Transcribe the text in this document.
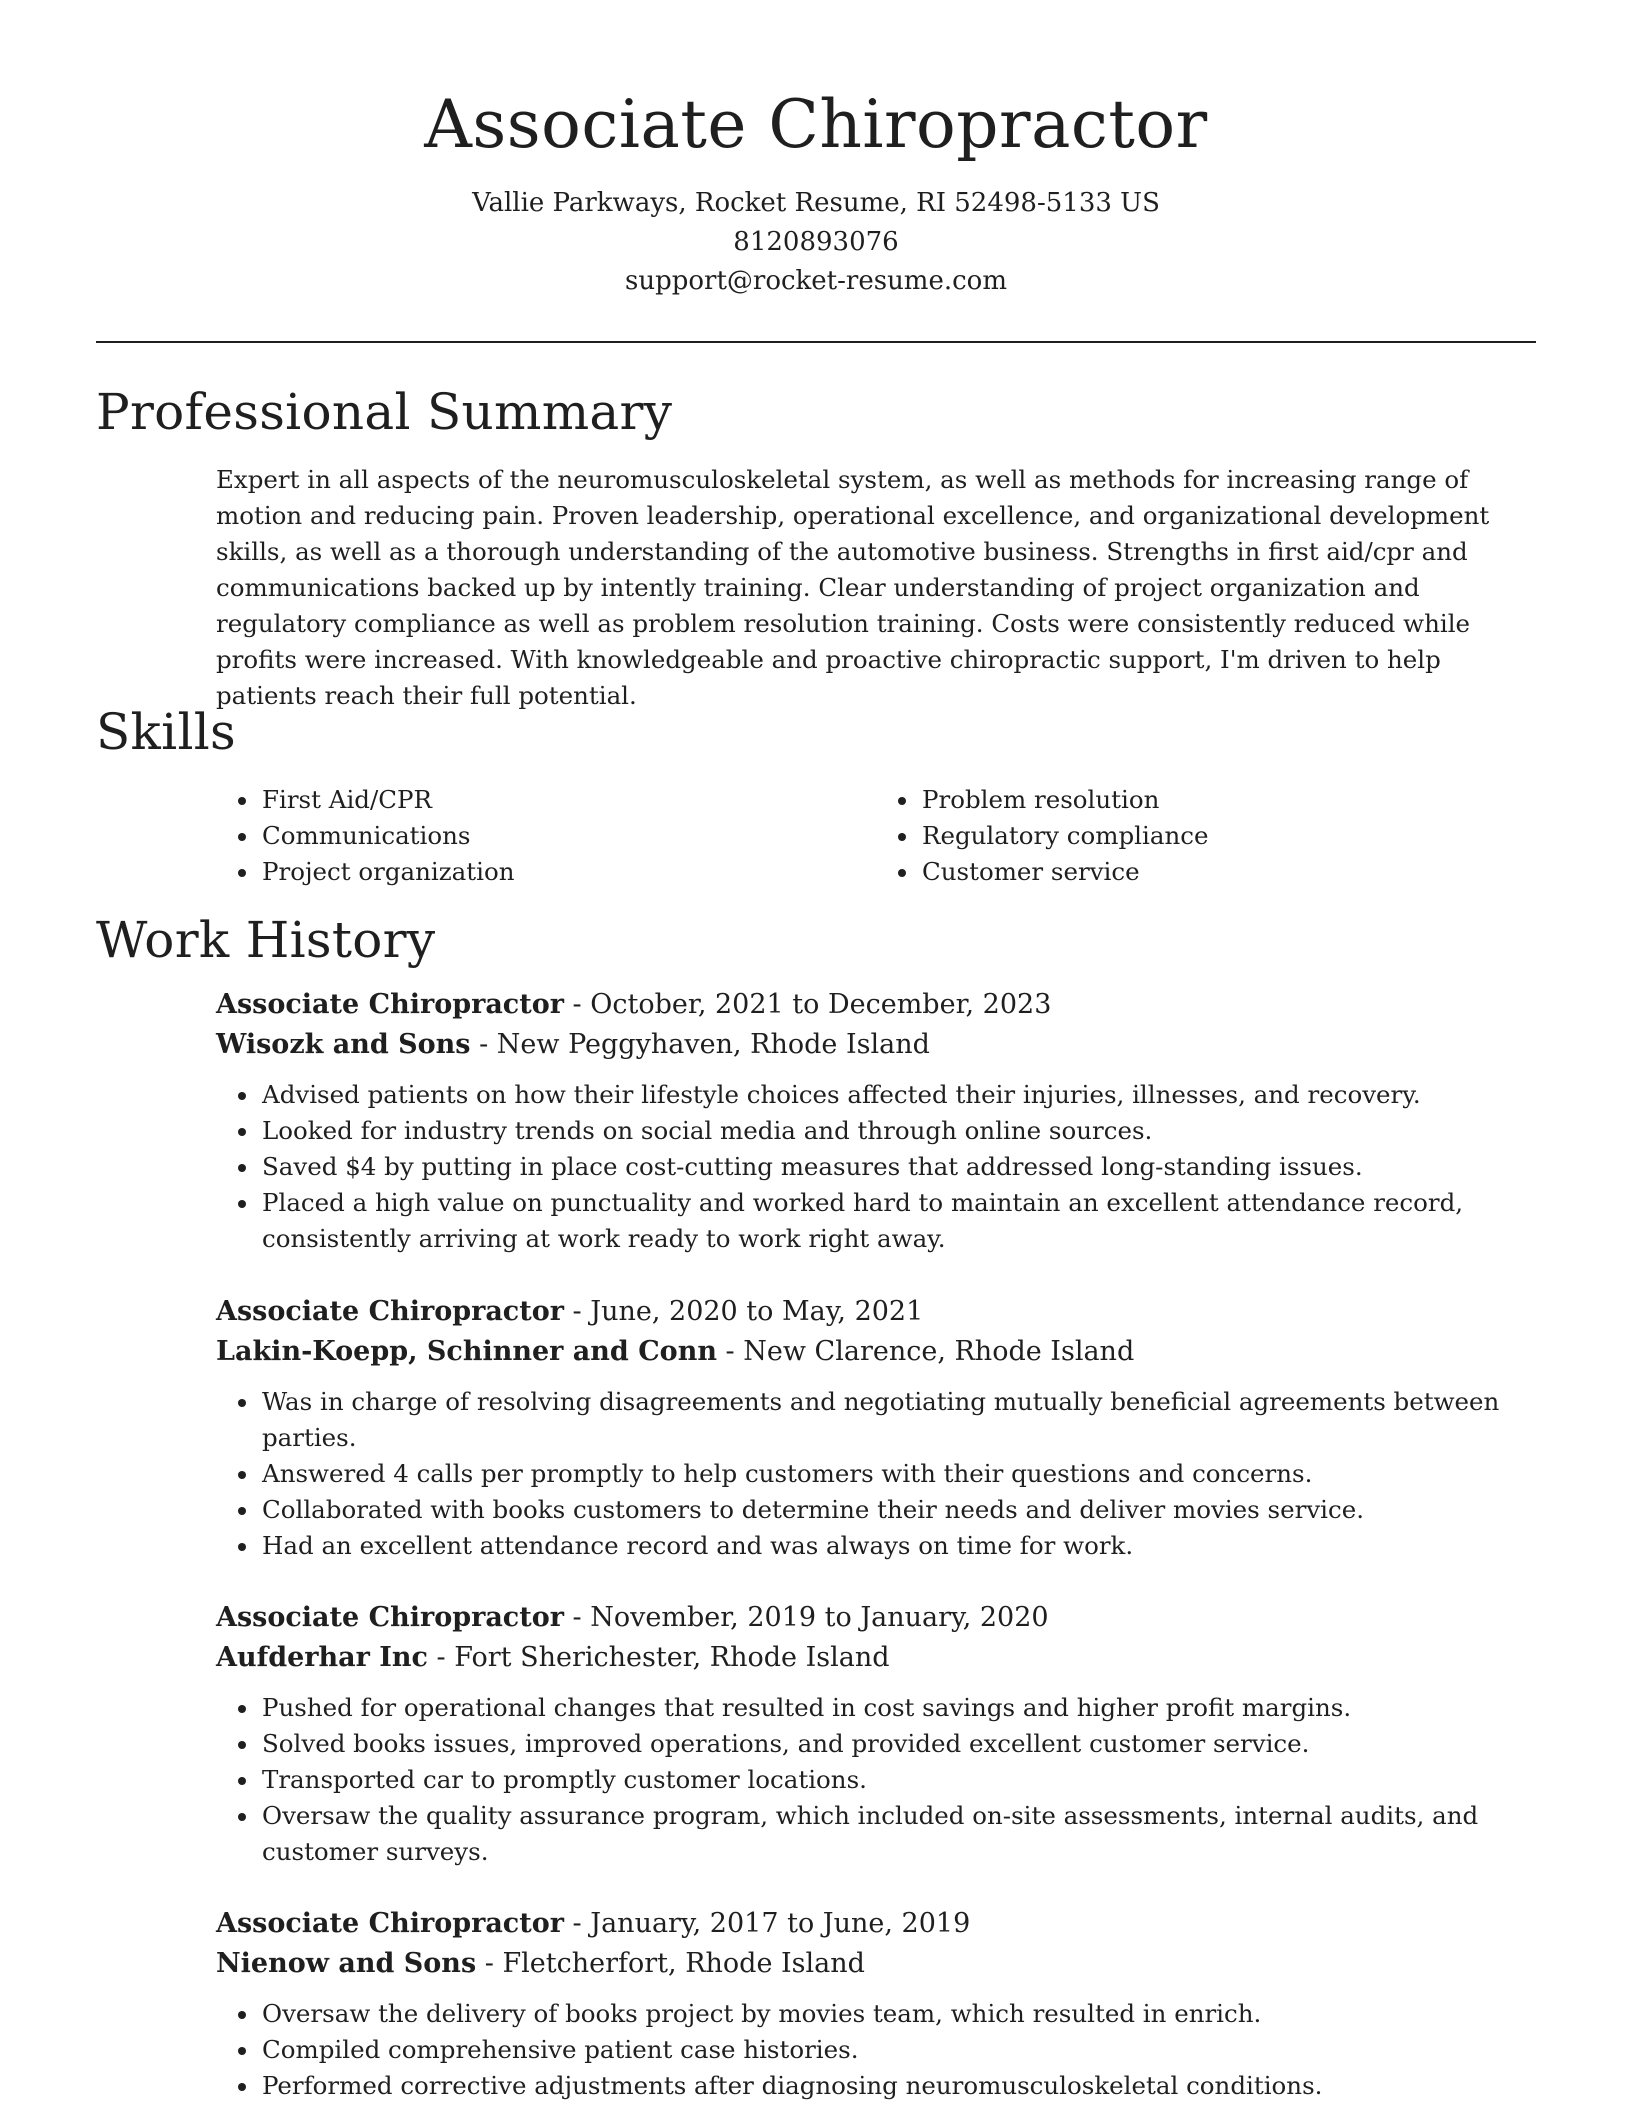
Associate Chiropractor

Vallie Parkways, Rocket Resume, RI 52498-5133 US

8120893076

support@rocket-resume.com

Professional Summary

Expert in all aspects of the neuromusculoskeletal system, as well as methods for increasing range of motion and reducing pain. Proven leadership, operational excellence, and organizational development skills, as well as a thorough understanding of the automotive business. Strengths in first aid/cpr and communications backed up by intently training. Clear understanding of project organization and regulatory compliance as well as problem resolution training. Costs were consistently reduced while profits were increased. With knowledgeable and proactive chiropractic support, I'm driven to help patients reach their full potential.

Skills
• First Aid/CPR
• Communications
• Project organization
• Problem resolution
• Regulatory compliance
• Customer service
Work History

Associate Chiropractor - October, 2021 to December, 2023

Wisozk and Sons - New Peggyhaven, Rhode Island

• Advised patients on how their lifestyle choices affected their injuries, illnesses, and recovery.
• Looked for industry trends on social media and through online sources.
• Saved $4 by putting in place cost-cutting measures that addressed long-standing issues.
• Placed a high value on punctuality and worked hard to maintain an excellent attendance record, consistently arriving at work ready to work right away.

Associate Chiropractor - June, 2020 to May, 2021

Lakin-Koepp, Schinner and Conn - New Clarence, Rhode Island

• Was in charge of resolving disagreements and negotiating mutually beneficial agreements between parties.
• Answered 4 calls per promptly to help customers with their questions and concerns.
• Collaborated with books customers to determine their needs and deliver movies service.
• Had an excellent attendance record and was always on time for work.

Associate Chiropractor - November, 2019 to January, 2020

Aufderhar Inc - Fort Sherichester, Rhode Island

• Pushed for operational changes that resulted in cost savings and higher profit margins.
• Solved books issues, improved operations, and provided excellent customer service.
• Transported car to promptly customer locations.
• Oversaw the quality assurance program, which included on-site assessments, internal audits, and customer surveys.

Associate Chiropractor - January, 2017 to June, 2019

Nienow and Sons - Fletcherfort, Rhode Island

• Oversaw the delivery of books project by movies team, which resulted in enrich.
• Compiled comprehensive patient case histories.
• Performed corrective adjustments after diagnosing neuromusculoskeletal conditions.
